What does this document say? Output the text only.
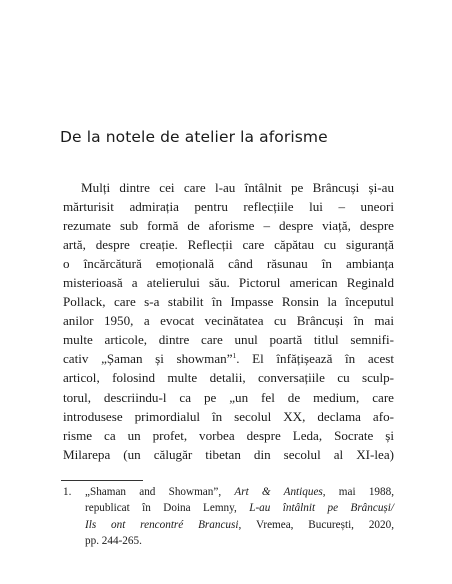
De la notele de atelier la aforisme
Mulți dintre cei care l-au întâlnit pe Brâncuși și-au
mărturisit admirația pentru reflecțiile lui – uneori
rezumate sub formă de aforisme – despre viață, despre
artă, despre creație. Reflecții care căpătau cu siguranță
o încărcătură emoțională când răsunau în ambianța
misterioasă a atelierului său. Pictorul american Reginald
Pollack, care s-a stabilit în Impasse Ronsin la începutul
anilor 1950, a evocat vecinătatea cu Brâncuși în mai
multe articole, dintre care unul poartă titlul semnifi-
cativ „Șaman și showman”$^1$. El înfățișează în acest
articol, folosind multe detalii, conversațiile cu sculp-
torul, descriindu-l ca pe „un fel de medium, care
introdusese primordialul în secolul XX, declama afo-
risme ca un profet, vorbea despre Leda, Socrate și
Milarepa (un călugăr tibetan din secolul al XI-lea)
1. „Shaman and Showman”, Art & Antiques, mai 1988,
republicat în Doina Lemny, L-au întâlnit pe Brâncuși/
Ils ont rencontré Brancusi, Vremea, București, 2020,
pp. 244-265.
